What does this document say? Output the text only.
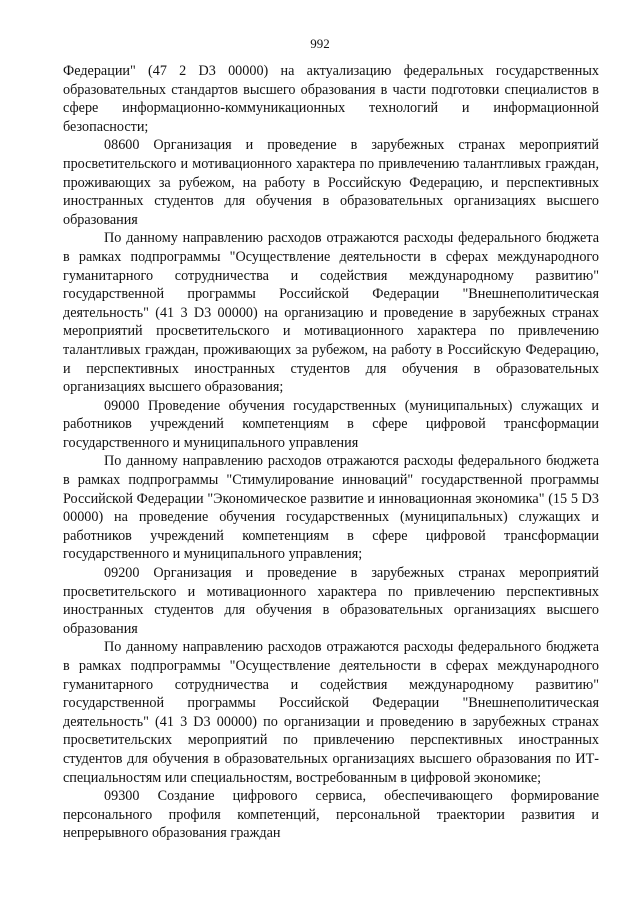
992

Федерации" (47 2 D3 00000) на актуализацию федеральных государственных образовательных стандартов высшего образования в части подготовки специалистов в сфере информационно-коммуникационных технологий и информационной безопасности;

08600 Организация и проведение в зарубежных странах мероприятий просветительского и мотивационного характера по привлечению талантливых граждан, проживающих за рубежом, на работу в Российскую Федерацию, и перспективных иностранных студентов для обучения в образовательных организациях высшего образования

По данному направлению расходов отражаются расходы федерального бюджета в рамках подпрограммы "Осуществление деятельности в сферах международного гуманитарного сотрудничества и содействия международному развитию" государственной программы Российской Федерации "Внешнеполитическая деятельность" (41 3 D3 00000) на организацию и проведение в зарубежных странах мероприятий просветительского и мотивационного характера по привлечению талантливых граждан, проживающих за рубежом, на работу в Российскую Федерацию, и перспективных иностранных студентов для обучения в образовательных организациях высшего образования;

09000 Проведение обучения государственных (муниципальных) служащих и работников учреждений компетенциям в сфере цифровой трансформации государственного и муниципального управления

По данному направлению расходов отражаются расходы федерального бюджета в рамках подпрограммы "Стимулирование инноваций" государственной программы Российской Федерации "Экономическое развитие и инновационная экономика" (15 5 D3 00000) на проведение обучения государственных (муниципальных) служащих и работников учреждений компетенциям в сфере цифровой трансформации государственного и муниципального управления;

09200 Организация и проведение в зарубежных странах мероприятий просветительского и мотивационного характера по привлечению перспективных иностранных студентов для обучения в образовательных организациях высшего образования

По данному направлению расходов отражаются расходы федерального бюджета в рамках подпрограммы "Осуществление деятельности в сферах международного гуманитарного сотрудничества и содействия международному развитию" государственной программы Российской Федерации "Внешнеполитическая деятельность" (41 3 D3 00000) по организации и проведению в зарубежных странах просветительских мероприятий по привлечению перспективных иностранных студентов для обучения в образовательных организациях высшего образования по ИТ-специальностям или специальностям, востребованным в цифровой экономике;

09300 Создание цифрового сервиса, обеспечивающего формирование персонального профиля компетенций, персональной траектории развития и непрерывного образования граждан
